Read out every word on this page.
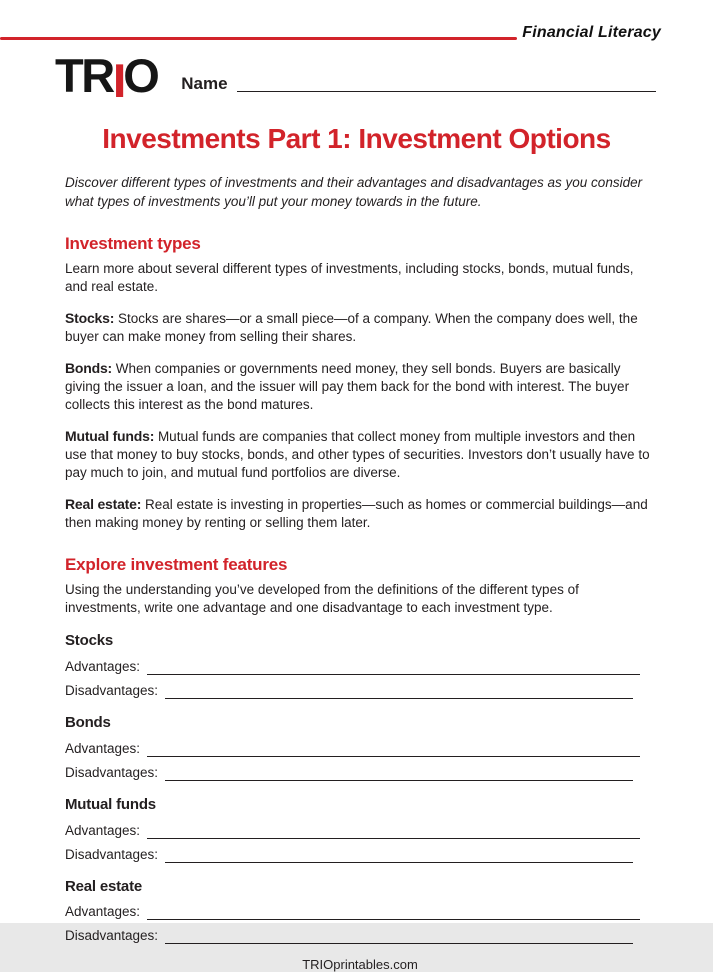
Financial Literacy
TRIO Name
Investments Part 1: Investment Options

Discover different types of investments and their advantages and disadvantages as you consider what types of investments you’ll put your money towards in the future.

Investment types

Learn more about several different types of investments, including stocks, bonds, mutual funds, and real estate.

Stocks: Stocks are shares—or a small piece—of a company. When the company does well, the buyer can make money from selling their shares.

Bonds: When companies or governments need money, they sell bonds. Buyers are basically giving the issuer a loan, and the issuer will pay them back for the bond with interest. The buyer collects this interest as the bond matures.

Mutual funds: Mutual funds are companies that collect money from multiple investors and then use that money to buy stocks, bonds, and other types of securities. Investors don’t usually have to pay much to join, and mutual fund portfolios are diverse.

Real estate: Real estate is investing in properties—such as homes or commercial buildings—and then making money by renting or selling them later.

Explore investment features

Using the understanding you’ve developed from the definitions of the different types of investments, write one advantage and one disadvantage to each investment type.

Stocks
Advantages:
Disadvantages:
Bonds
Advantages:
Disadvantages:
Mutual funds
Advantages:
Disadvantages:
Real estate
Advantages:
Disadvantages:
TRIOprintables.com
